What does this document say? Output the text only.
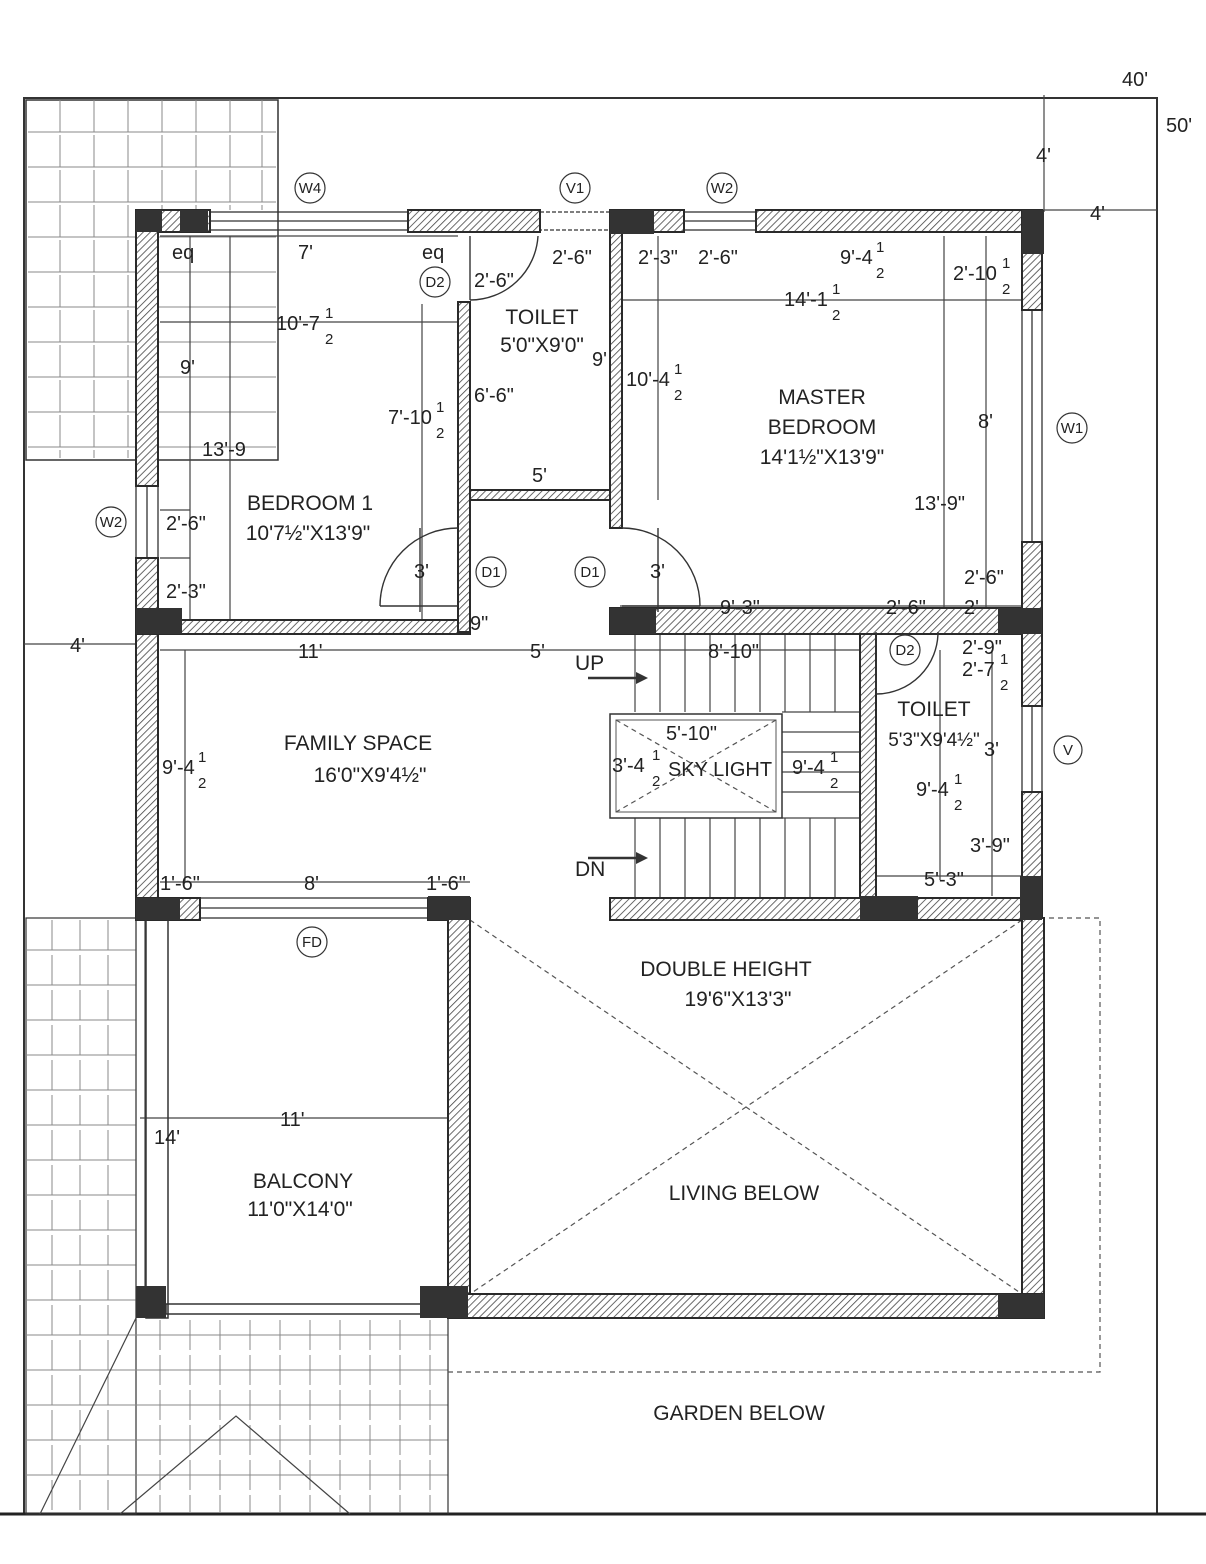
40'
50'
W4	V1	W2
W1
W2
D2
D1	D1
D2
V
FD
BEDROOM 1
10'7½"X13'9"
TOILET
5'0"X9'0"
MASTER
BEDROOM
14'1½"X13'9"
FAMILY SPACE
16'0"X9'4½"
TOILET
5'3"X9'4½"
DOUBLE HEIGHT
19'6"X13'3"
LIVING BELOW
BALCONY
11'0"X14'0"
GARDEN BELOW
SKY LIGHT
UP
DN
4'
4'
4'
eq	7'	eq
2'-6"
2'-6" 2'-3" 2'-6"	9'-4 1
2	2'-10 1
2
14'-1 1
2
10'-7 1
2
9'
13'-9
7'-10 1
2
6'-6"
9'
5'
10'-4 1
2
8'
13'-9"
2'-6"
2'-3"
3'	3'	2'-6"
9'-3"	2'-6" 2'
9"
11'	5'	8'-10"	2'-9"
2'-7 1
2
9'-4 1
2
5'-10"
3'-4 1
2
9'-4 1
2
3'
9'-4 1
2
3'-9"
5'-3"
1'-6"	8'	1'-6"
11'
14'
